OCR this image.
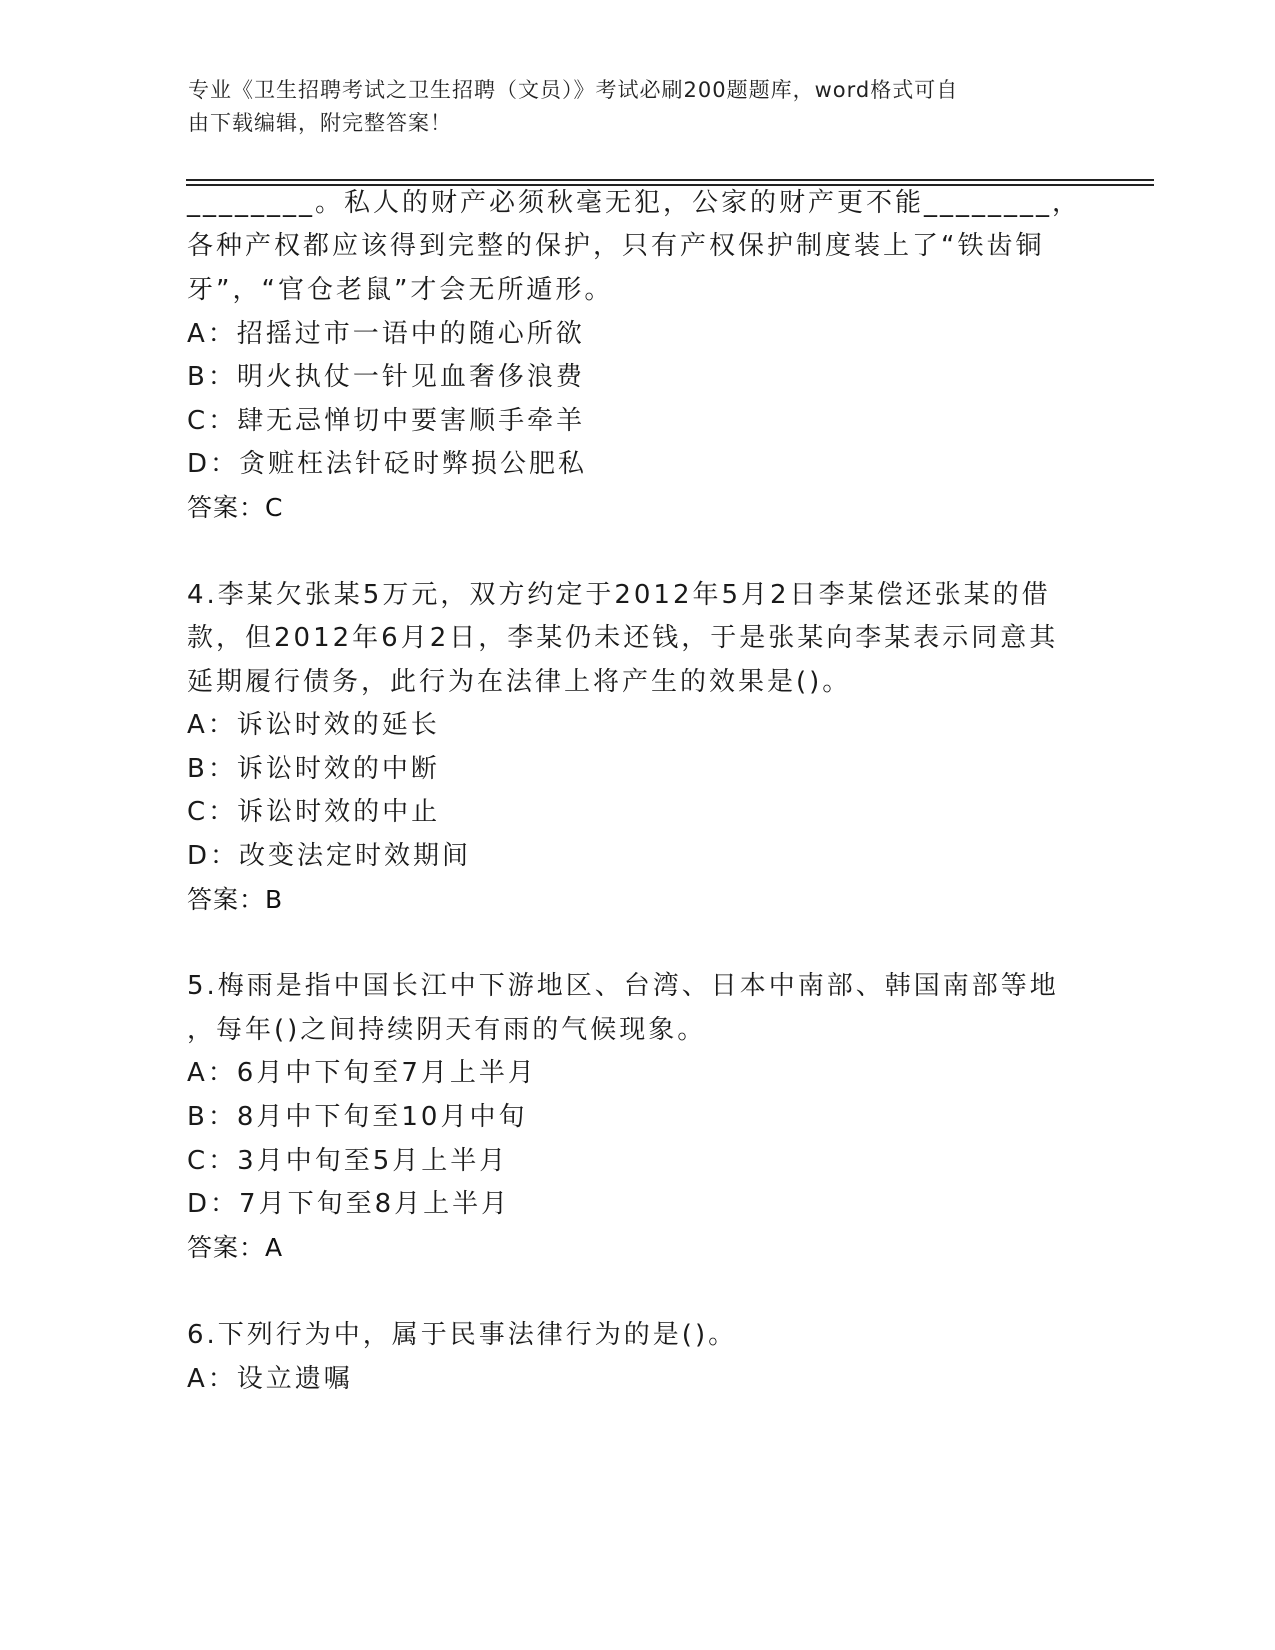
专业《卫生招聘考试之卫生招聘（文员）》考试必刷200题题库，word格式可自
由下载编辑，附完整答案！
________。私人的财产必须秋毫无犯，公家的财产更不能________，
各种产权都应该得到完整的保护，只有产权保护制度装上了“铁齿铜
牙”，“官仓老鼠”才会无所遁形。
A：招摇过市一语中的随心所欲
B：明火执仗一针见血奢侈浪费
C：肆无忌惮切中要害顺手牵羊
D：贪赃枉法针砭时弊损公肥私
答案：C
4.李某欠张某5万元，双方约定于2012年5月2日李某偿还张某的借
款，但2012年6月2日，李某仍未还钱，于是张某向李某表示同意其
延期履行债务，此行为在法律上将产生的效果是()。
A：诉讼时效的延长
B：诉讼时效的中断
C：诉讼时效的中止
D：改变法定时效期间
答案：B
5.梅雨是指中国长江中下游地区、台湾、日本中南部、韩国南部等地
，每年()之间持续阴天有雨的气候现象。
A：6月中下旬至7月上半月
B：8月中下旬至10月中旬
C：3月中旬至5月上半月
D：7月下旬至8月上半月
答案：A
6.下列行为中，属于民事法律行为的是()。
A：设立遗嘱
